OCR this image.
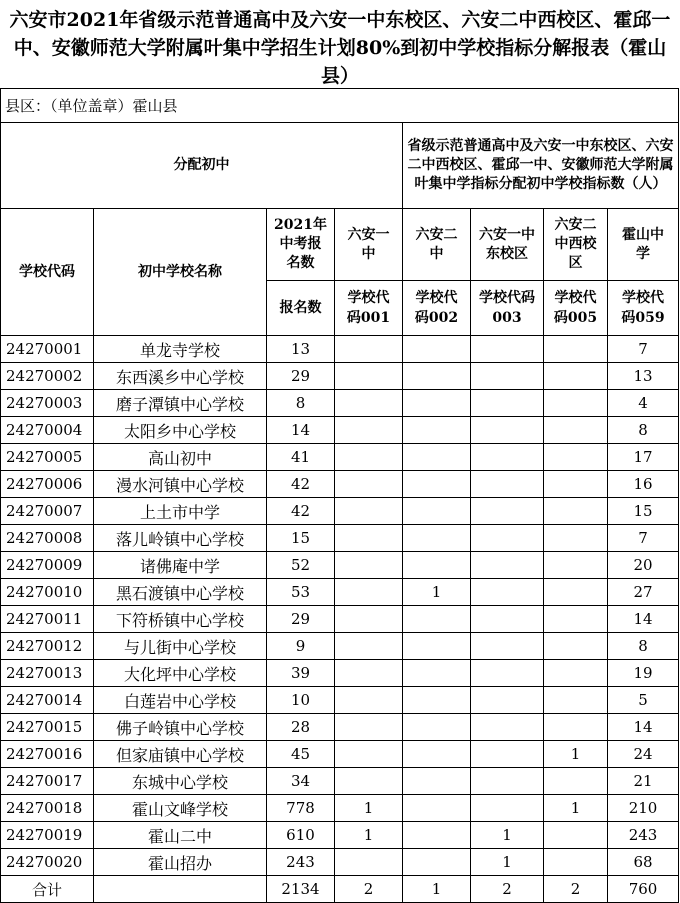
六安市2021年省级示范普通高中及六安一中东校区、六安二中西校区、霍邱一中、安徽师范大学附属叶集中学招生计划80%到初中学校指标分解报表（霍山县）
县区：（单位盖章）霍山县							
分配初中				省级示范普通高中及六安一中东校区、六安二中西校区、霍邱一中、安徽师范大学附属叶集中学指标分配初中学校指标数（人）			
学校代码	初中学校名称	2021年中考报名数	六安一中	六安二中	六安一中东校区	六安二中西校区	霍山中学
		报名数	学校代码001	学校代码002	学校代码003	学校代码005	学校代码059
24270001	单龙寺学校	13					7
24270002	东西溪乡中心学校	29					13
24270003	磨子潭镇中心学校	8					4
24270004	太阳乡中心学校	14					8
24270005	高山初中	41					17
24270006	漫水河镇中心学校	42					16
24270007	上土市中学	42					15
24270008	落儿岭镇中心学校	15					7
24270009	诸佛庵中学	52					20
24270010	黑石渡镇中心学校	53		1			27
24270011	下符桥镇中心学校	29					14
24270012	与儿街中心学校	9					8
24270013	大化坪中心学校	39					19
24270014	白莲岩中心学校	10					5
24270015	佛子岭镇中心学校	28					14
24270016	但家庙镇中心学校	45				1	24
24270017	东城中心学校	34					21
24270018	霍山文峰学校	778	1			1	210
24270019	霍山二中	610	1		1		243
24270020	霍山招办	243			1		68
合计		2134	2	1	2	2	760
